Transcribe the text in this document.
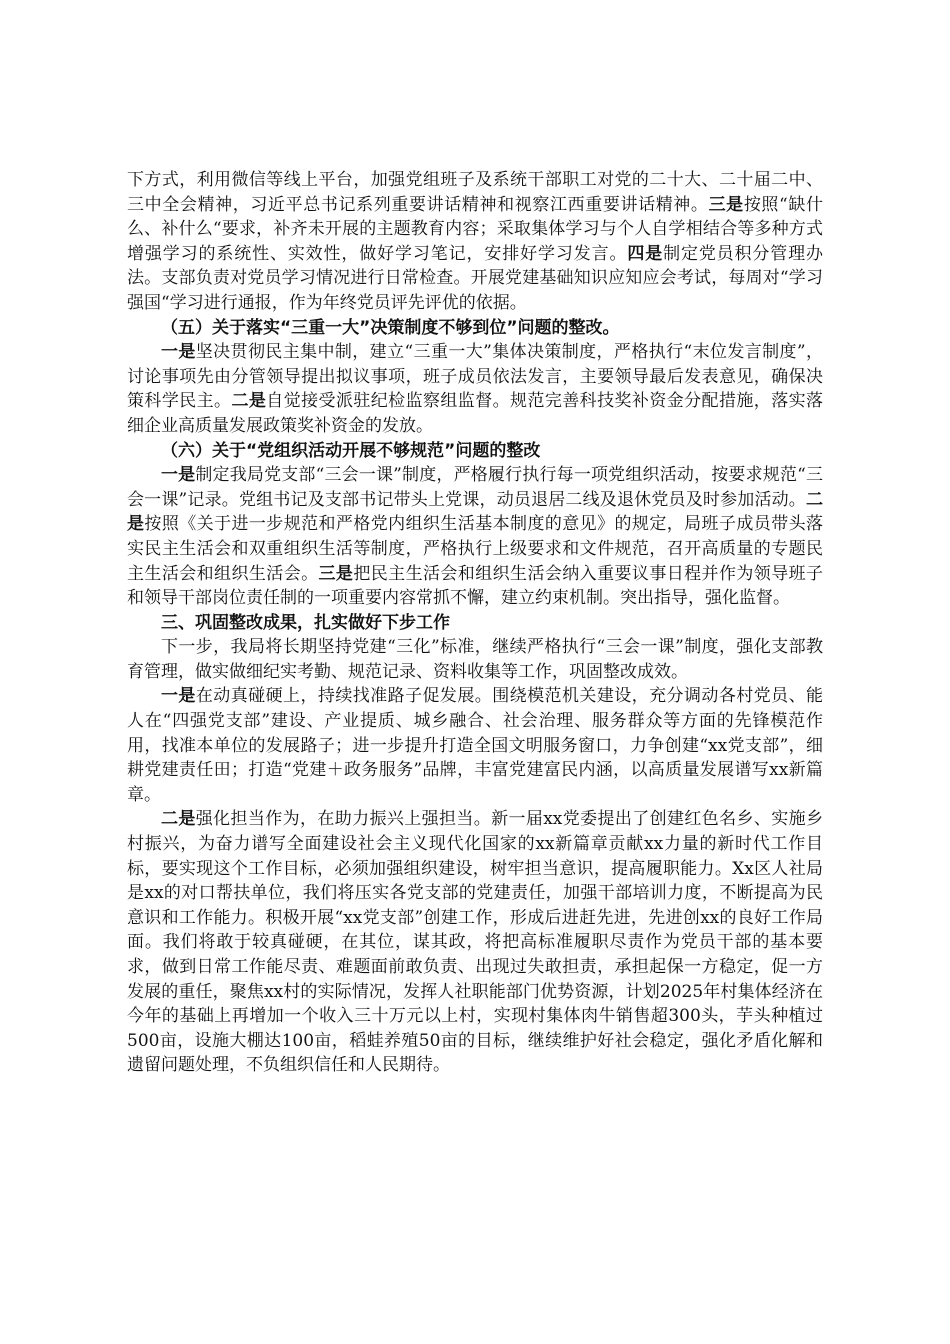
下方式，利用微信等线上平台，加强党组班子及系统干部职工对党的二十大、二十届二中、三中全会精神，习近平总书记系列重要讲话精神和视察江西重要讲话精神。三是按照“缺什么、补什么“要求，补齐未开展的主题教育内容；采取集体学习与个人自学相结合等多种方式增强学习的系统性、实效性，做好学习笔记，安排好学习发言。四是制定党员积分管理办法。支部负责对党员学习情况进行日常检查。开展党建基础知识应知应会考试，每周对“学习强国“学习进行通报，作为年终党员评先评优的依据。

（五）关于落实“三重一大”决策制度不够到位”问题的整改。

一是坚决贯彻民主集中制，建立“三重一大”集体决策制度，严格执行“末位发言制度”，讨论事项先由分管领导提出拟议事项，班子成员依法发言，主要领导最后发表意见，确保决策科学民主。二是自觉接受派驻纪检监察组监督。规范完善科技奖补资金分配措施，落实落细企业高质量发展政策奖补资金的发放。

（六）关于“党组织活动开展不够规范”问题的整改

一是制定我局党支部“三会一课”制度，严格履行执行每一项党组织活动，按要求规范“三会一课”记录。党组书记及支部书记带头上党课，动员退居二线及退休党员及时参加活动。二是按照《关于进一步规范和严格党内组织生活基本制度的意见》的规定，局班子成员带头落实民主生活会和双重组织生活等制度，严格执行上级要求和文件规范，召开高质量的专题民主生活会和组织生活会。三是把民主生活会和组织生活会纳入重要议事日程并作为领导班子和领导干部岗位责任制的一项重要内容常抓不懈，建立约束机制。突出指导，强化监督。

三、巩固整改成果，扎实做好下步工作

下一步，我局将长期坚持党建“三化”标准，继续严格执行“三会一课”制度，强化支部教育管理，做实做细纪实考勤、规范记录、资料收集等工作，巩固整改成效。

一是在动真碰硬上，持续找准路子促发展。围绕模范机关建设，充分调动各村党员、能人在“四强党支部”建设、产业提质、城乡融合、社会治理、服务群众等方面的先锋模范作用，找准本单位的发展路子；进一步提升打造全国文明服务窗口，力争创建“xx党支部”，细耕党建责任田；打造“党建＋政务服务”品牌，丰富党建富民内涵，以高质量发展谱写xx新篇章。

二是强化担当作为，在助力振兴上强担当。新一届xx党委提出了创建红色名乡、实施乡村振兴，为奋力谱写全面建设社会主义现代化国家的xx新篇章贡献xx力量的新时代工作目标，要实现这个工作目标，必须加强组织建设，树牢担当意识，提高履职能力。Xx区人社局是xx的对口帮扶单位，我们将压实各党支部的党建责任，加强干部培训力度，不断提高为民意识和工作能力。积极开展“xx党支部”创建工作，形成后进赶先进，先进创xx的良好工作局面。我们将敢于较真碰硬，在其位，谋其政，将把高标准履职尽责作为党员干部的基本要求，做到日常工作能尽责、难题面前敢负责、出现过失敢担责，承担起保一方稳定，促一方发展的重任，聚焦xx村的实际情况，发挥人社职能部门优势资源，计划2025年村集体经济在今年的基础上再增加一个收入三十万元以上村，实现村集体肉牛销售超300头，芋头种植过500亩，设施大棚达100亩，稻蛙养殖50亩的目标，继续维护好社会稳定，强化矛盾化解和遗留问题处理，不负组织信任和人民期待。
